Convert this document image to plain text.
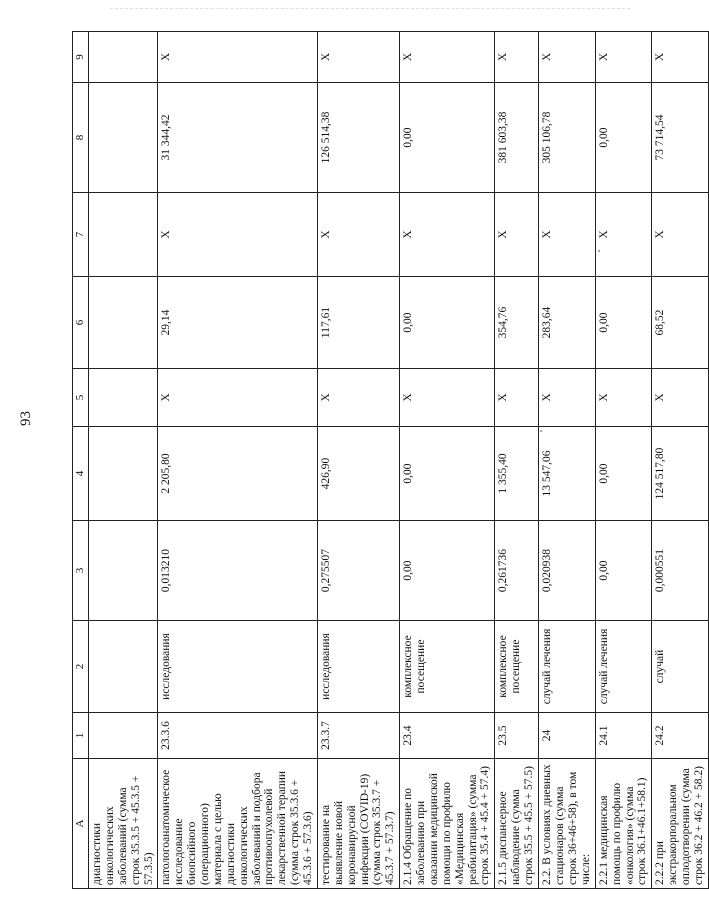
93
A	1	2	3	4	5	6	7	8	9
диагностики онкологических заболеваний (сумма строк 35.3.5 + 45.3.5 + 57.3.5)									
патологоанатомическое исследование биопсийного (операционного) материала с целью диагностики онкологических заболеваний и подбора противоопухолевой лекарственной терапии (сумма строк 35.3.6 + 45.3.6 + 57.3.6)	23.3.6	исследования	0,013210	2 205,80	Х	29,14	Х	31 344,42	Х
тестирование на выявление новой коронавирусной инфекции (COVID-19) (сумма строк 35.3.7 + 45.3.7 + 57.3.7)	23.3.7	исследования	0,275507	426,90	Х	117,61	Х	126 514,38	Х
2.1.4 Обращение по заболеванию при оказании медицинской помощи по профилю «Медицинская реабилитация» (сумма строк 35.4 + 45.4 + 57.4)	23.4	комплексное посещение	0,00	0,00	Х	0,00	Х	0,00	Х
2.1.5 диспансерное наблюдение (сумма строк 35.5 + 45.5 + 57.5)	23.5	комплексное посещение	0,261736	1 355,40	Х	354,76	Х	381 603,38	Х
2.2. В условиях дневных стационаров (сумма строк 36+46+58), в том числе:	24	случай лечения	0,020938	13 547,06	Х	283,64	Х	305 106,78	Х
2.2.1 медицинская помощь по профилю «онкология» (сумма строк 36.1+46.1+58.1)	24.1	случай лечения	0,00	0,00	Х	0,00	Х	0,00	Х
2.2.2 при экстракорпоральном оплодотворении (сумма строк 36.2 + 46.2 + 58.2)	24.2	случай	0,000551	124 517,80	Х	68,52	Х	73 714,54	Х
